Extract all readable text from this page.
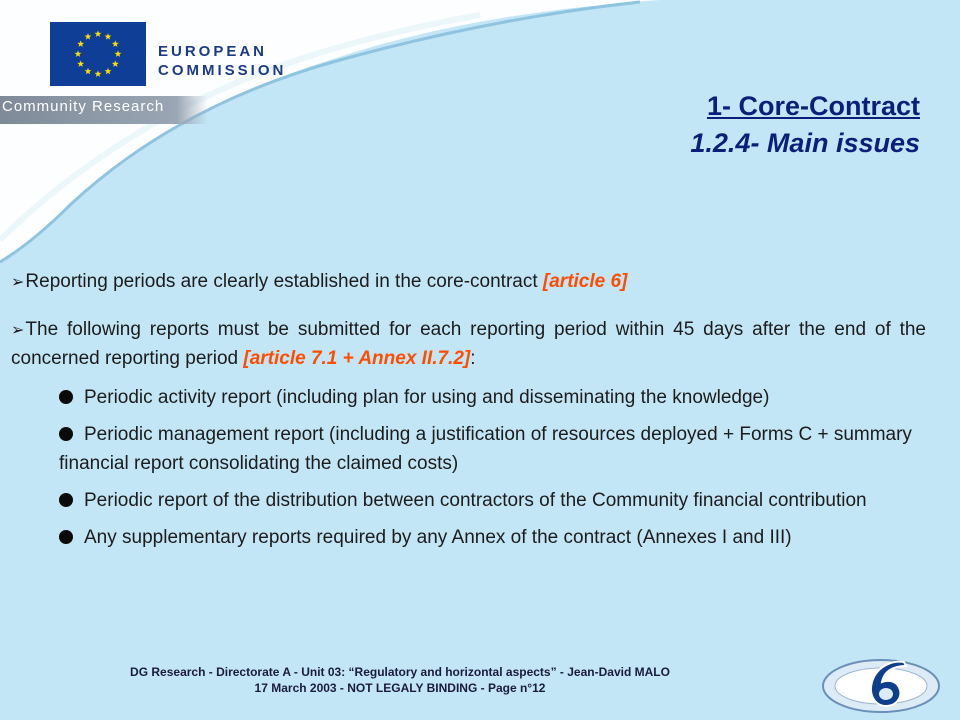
EUROPEAN
COMMISSION
Community Research	1- Core-Contract
1.2.4- Main issues

➢Reporting periods are clearly established in the core-contract [article 6]

➢The following reports must be submitted for each reporting period within 45 days after the end of the concerned reporting period [article 7.1 + Annex II.7.2]:

Periodic activity report (including plan for using and disseminating the knowledge)
Periodic management report (including a justification of resources deployed + Forms C + summary financial report consolidating the claimed costs)
Periodic report of the distribution between contractors of the Community financial contribution
Any supplementary reports required by any Annex of the contract (Annexes I and III)
DG Research - Directorate A - Unit 03: “Regulatory and horizontal aspects” - Jean-David MALO
17 March 2003 - NOT LEGALY BINDING - Page n°12
